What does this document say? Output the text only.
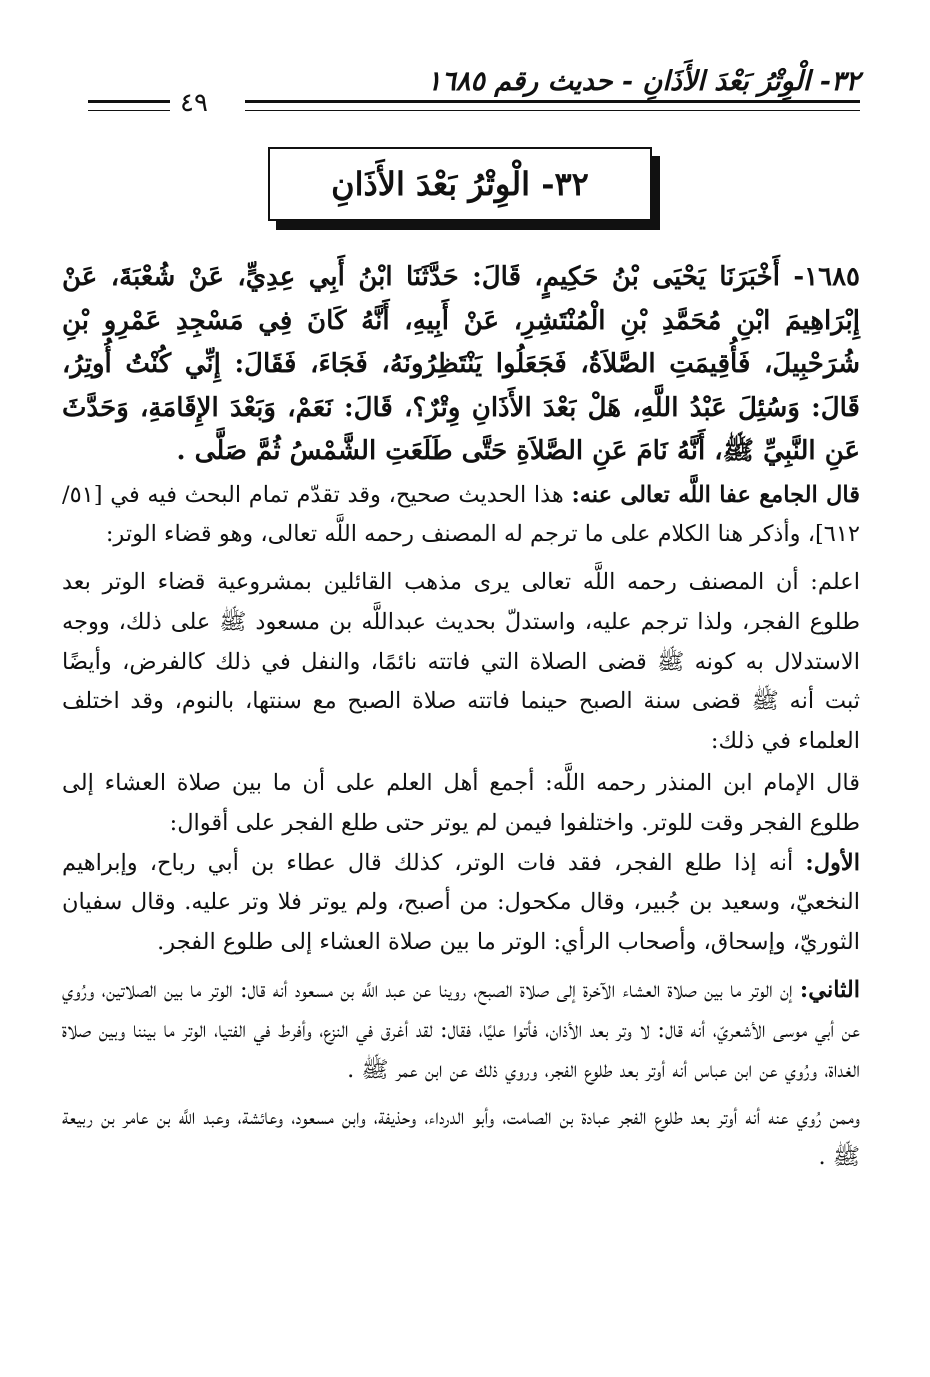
٣٢- الْوِتْرُ بَعْدَ الأَذَانِ - حديث رقم ١٦٨٥
٤٩
٣٢- الْوِتْرُ بَعْدَ الأَذَانِ

١٦٨٥- أَخْبَرَنَا يَحْيَى بْنُ حَكِيمٍ، قَالَ: حَدَّثَنَا ابْنُ أَبِي عِدِيٍّ، عَنْ شُعْبَةَ، عَنْ إِبْرَاهِيمَ ابْنِ مُحَمَّدِ بْنِ الْمُنْتَشِرِ، عَنْ أَبِيهِ، أَنَّهُ كَانَ فِي مَسْجِدِ عَمْرِو بْنِ شُرَحْبِيلَ، فَأُقِيمَتِ الصَّلاَةُ، فَجَعَلُوا يَنْتَظِرُونَهُ، فَجَاءَ، فَقَالَ: إِنِّي كُنْتُ أُوتِرُ، قَالَ: وَسُئِلَ عَبْدُ اللَّهِ، هَلْ بَعْدَ الأَذَانِ وِتْرٌ؟، قَالَ: نَعَمْ، وَبَعْدَ الإِقَامَةِ، وَحَدَّثَ عَنِ النَّبِيِّ ﷺ، أَنَّهُ نَامَ عَنِ الصَّلاَةِ حَتَّى طَلَعَتِ الشَّمْسُ ثُمَّ صَلَّى .

قال الجامع عفا اللَّه تعالى عنه: هذا الحديث صحيح، وقد تقدّم تمام البحث فيه في [٥١/ ٦١٢]، وأذكر هنا الكلام على ما ترجم له المصنف رحمه اللَّه تعالى، وهو قضاء الوتر:

اعلم: أن المصنف رحمه اللَّه تعالى يرى مذهب القائلين بمشروعية قضاء الوتر بعد طلوع الفجر، ولذا ترجم عليه، واستدلّ بحديث عبداللَّه بن مسعود ﷺ على ذلك، ووجه الاستدلال به كونه ﷺ قضى الصلاة التي فاتته نائمًا، والنفل في ذلك كالفرض، وأيضًا ثبت أنه ﷺ قضى سنة الصبح حينما فاتته صلاة الصبح مع سنتها، بالنوم، وقد اختلف العلماء في ذلك:

قال الإمام ابن المنذر رحمه اللَّه: أجمع أهل العلم على أن ما بين صلاة العشاء إلى طلوع الفجر وقت للوتر. واختلفوا فيمن لم يوتر حتى طلع الفجر على أقوال:

الأول: أنه إذا طلع الفجر، فقد فات الوتر، كذلك قال عطاء بن أبي رباح، وإبراهيم النخعيّ، وسعيد بن جُبير، وقال مكحول: من أصبح، ولم يوتر فلا وتر عليه. وقال سفيان الثوريّ، وإسحاق، وأصحاب الرأي: الوتر ما بين صلاة العشاء إلى طلوع الفجر.

الثاني: إن الوتر ما بين صلاة العشاء الآخرة إلى صلاة الصبح، روينا عن عبد اللَّه بن مسعود أنه قال: الوتر ما بين الصلاتين، ورُوي عن أبي موسى الأشعريّ، أنه قال: لا وتر بعد الأذان، فأتوا عليًا، فقال: لقد أغرق في النزع، وأفرط في الفتيا، الوتر ما بيننا وبين صلاة الغداة، ورُوي عن ابن عباس أنه أوتر بعد طلوع الفجر، وروي ذلك عن ابن عمر ﷺ .

وممن رُوي عنه أنه أوتر بعد طلوع الفجر عبادة بن الصامت، وأبو الدرداء، وحذيفة، وابن مسعود، وعائشة، وعبد اللَّه بن عامر بن ربيعة ﷺ .
